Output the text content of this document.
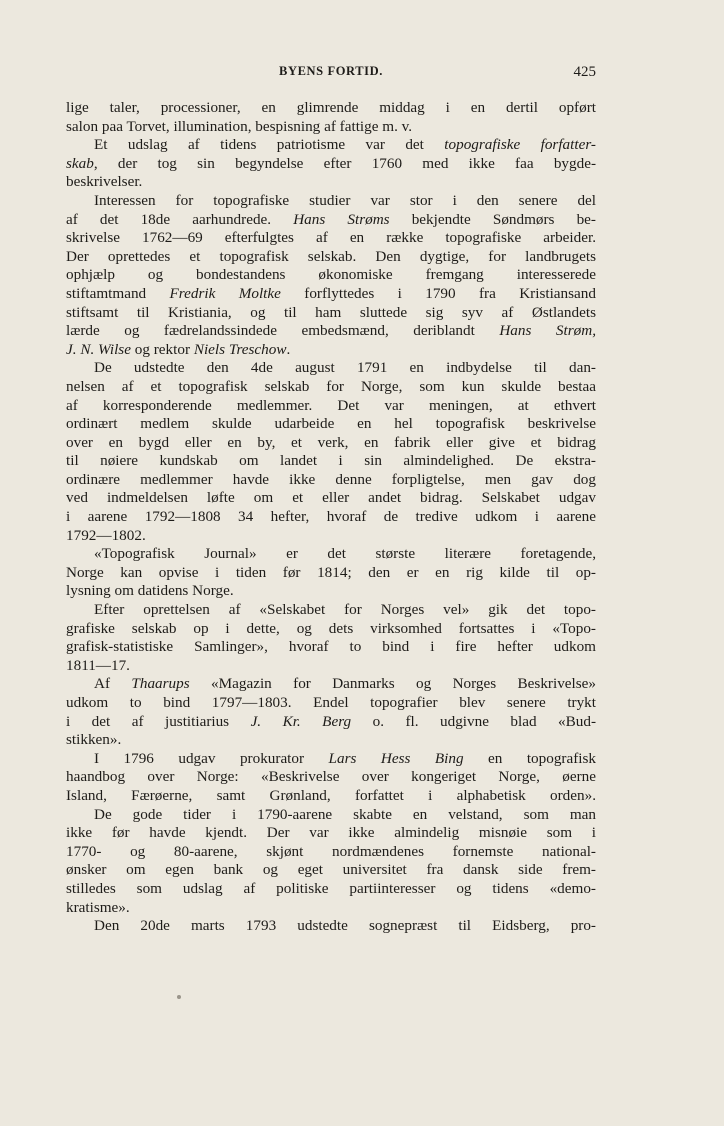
BYENS FORTID.	425
lige taler, processioner, en glimrende middag i en dertil opført
salon paa Torvet, illumination, bespisning af fattige m. v.
Et udslag af tidens patriotisme var det topografiske forfatter-
skab, der tog sin begyndelse efter 1760 med ikke faa bygde-
beskrivelser.
Interessen for topografiske studier var stor i den senere del
af det 18de aarhundrede. Hans Strøms bekjendte Søndmørs be-
skrivelse 1762—69 efterfulgtes af en række topografiske arbeider.
Der oprettedes et topografisk selskab. Den dygtige, for landbrugets
ophjælp og bondestandens økonomiske fremgang interesserede
stiftamtmand Fredrik Moltke forflyttedes i 1790 fra Kristiansand
stiftsamt til Kristiania, og til ham sluttede sig syv af Østlandets
lærde og fædrelandssindede embedsmænd, deriblandt Hans Strøm,
J. N. Wilse og rektor Niels Treschow.
De udstedte den 4de august 1791 en indbydelse til dan-
nelsen af et topografisk selskab for Norge, som kun skulde bestaa
af korresponderende medlemmer. Det var meningen, at ethvert
ordinært medlem skulde udarbeide en hel topografisk beskrivelse
over en bygd eller en by, et verk, en fabrik eller give et bidrag
til nøiere kundskab om landet i sin almindelighed. De ekstra-
ordinære medlemmer havde ikke denne forpligtelse, men gav dog
ved indmeldelsen løfte om et eller andet bidrag. Selskabet udgav
i aarene 1792—1808 34 hefter, hvoraf de tredive udkom i aarene
1792—1802.
«Topografisk Journal» er det største literære foretagende,
Norge kan opvise i tiden før 1814; den er en rig kilde til op-
lysning om datidens Norge.
Efter oprettelsen af «Selskabet for Norges vel» gik det topo-
grafiske selskab op i dette, og dets virksomhed fortsattes i «Topo-
grafisk-statistiske Samlinger», hvoraf to bind i fire hefter udkom
1811—17.
Af Thaarups «Magazin for Danmarks og Norges Beskrivelse»
udkom to bind 1797—1803. Endel topografier blev senere trykt
i det af justitiarius J. Kr. Berg o. fl. udgivne blad «Bud-
stikken».
I 1796 udgav prokurator Lars Hess Bing en topografisk
haandbog over Norge: «Beskrivelse over kongeriget Norge, øerne
Island, Færøerne, samt Grønland, forfattet i alphabetisk orden».
De gode tider i 1790-aarene skabte en velstand, som man
ikke før havde kjendt. Der var ikke almindelig misnøie som i
1770- og 80-aarene, skjønt nordmændenes fornemste national-
ønsker om egen bank og eget universitet fra dansk side frem-
stilledes som udslag af politiske partiinteresser og tidens «demo-
kratisme».
Den 20de marts 1793 udstedte sognepræst til Eidsberg, pro-
